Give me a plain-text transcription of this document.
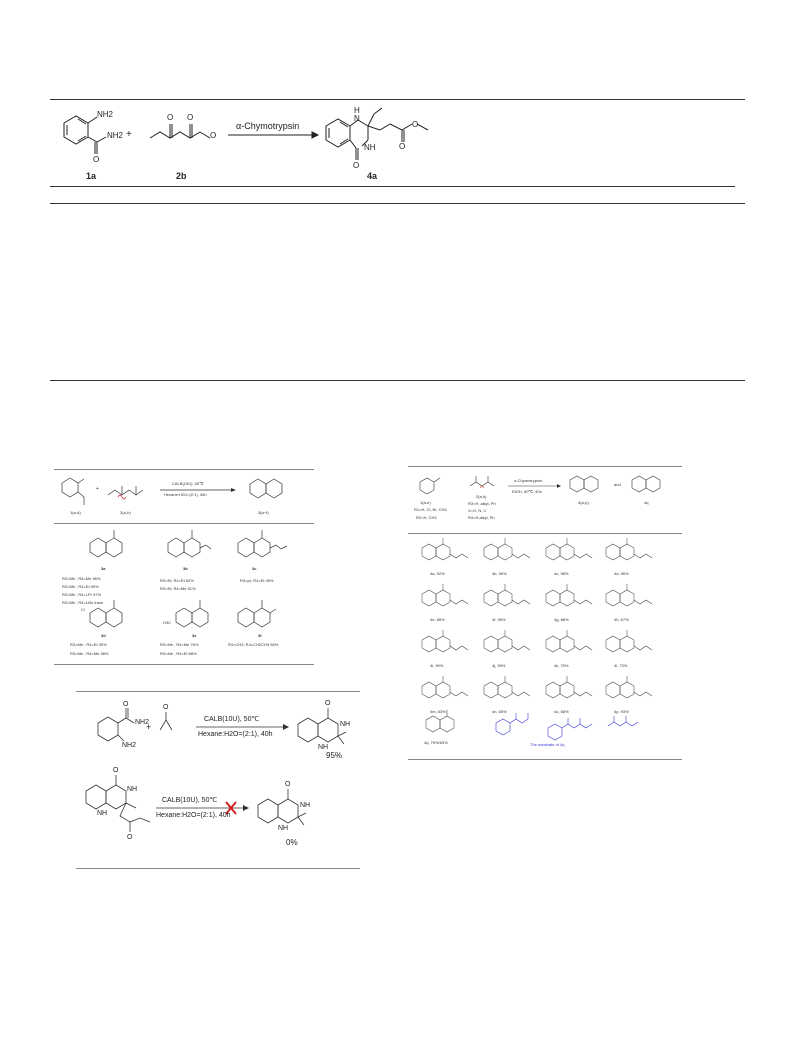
NH2
NH2
O
+
O O
O
α-Chymotrypsin
H
N
NH
O
O
O
1a	2b	4a
1(a-d)
+
2(a-h)
CALB(10U), 50℃
Hexane:H2O=(2:1), 40h
3(a~f)
3a
R3=Me ; R4=Me 96%
R3=Me ; R4=Et 95%
R3=Me ; R4=i-Pr 97%
R3=Me ; R4=t-Bu trace
3b
R3=Et; R4=Et 62%
R3=Et; R4=Me 51%
3c
R3=pr; R4=Et 40%
Cl
3d
R3=Me ; R4=Et 35%
R3=Me ; R4=Me 38%
H3C
3e
R3=Me ; R4=Me 76%
R3=Me ; R4=Et 68%
3f
R3=CH3; R4=CH2CH3 56%
NH2
NH2
O
+
O
CALB(10U), 50℃
Hexane:H2O=(2:1), 40h
O
NH
NH
95%
O
NH
NH
O
CALB(10U), 50℃
Hexane:H2O=(2:1), 40h
O
NH
NH
0%
1(a-e)
R1=H, Cl, Br, CH3
R2=H, CH3
2(a-k)
R3=H, alkyl, Ph
X=O, N, C
R4=H,alkyl, Ph
α-Chymotrypsin
EtOH, 60℃, 40h
4(a-p)
and
4q
4a, 92%	4b, 90%	4c, 98%	4d, 96%
4e, 85%	4f, 96%	4g, 86%	4h, 67%
4i, 99%	4j, 99%	4k, 75%	4l, 73%
4m, 63%	4n, 65%	4o, 68%	4p, 93%
4q, 75%/63%	The substrate of 4q
